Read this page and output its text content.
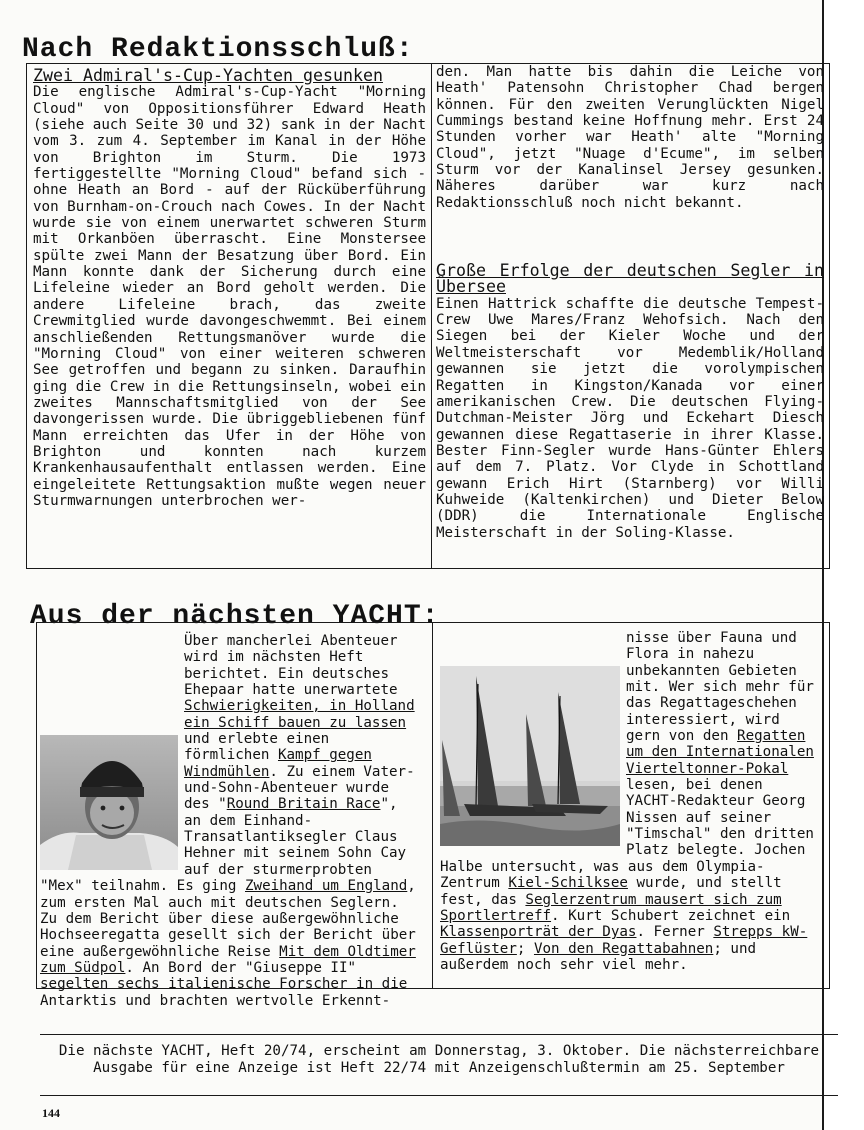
Nach Redaktionsschluß:
Zwei Admiral's-Cup-Yachten gesunken

Die englische Admiral's-Cup-Yacht "Morning Cloud" von Oppositionsführer Edward Heath (siehe auch Seite 30 und 32) sank in der Nacht vom 3. zum 4. September im Kanal in der Höhe von Brighton im Sturm. Die 1973 fertiggestellte "Morning Cloud" befand sich - ohne Heath an Bord - auf der Rücküberführung von Burnham-on-Crouch nach Cowes. In der Nacht wurde sie von einem unerwartet schweren Sturm mit Orkanböen überrascht. Eine Monstersee spülte zwei Mann der Besatzung über Bord. Ein Mann konnte dank der Sicherung durch eine Lifeleine wieder an Bord geholt werden. Die andere Lifeleine brach, das zweite Crewmitglied wurde davongeschwemmt. Bei einem anschließenden Rettungsmanöver wurde die "Morning Cloud" von einer weiteren schweren See getroffen und begann zu sinken. Daraufhin ging die Crew in die Rettungsinseln, wobei ein zweites Mannschaftsmitglied von der See davongerissen wurde. Die übriggebliebenen fünf Mann erreichten das Ufer in der Höhe von Brighton und konnten nach kurzem Krankenhausaufenthalt entlassen werden. Eine eingeleitete Rettungsaktion mußte wegen neuer Sturmwarnungen unterbrochen wer-

den. Man hatte bis dahin die Leiche von Heath' Patensohn Christopher Chad bergen können. Für den zweiten Verunglückten Nigel Cummings bestand keine Hoffnung mehr. Erst 24 Stunden vorher war Heath' alte "Morning Cloud", jetzt "Nuage d'Ecume", im selben Sturm vor der Kanalinsel Jersey gesunken. Näheres darüber war kurz nach Redaktionsschluß noch nicht bekannt.

Große Erfolge der deutschen Segler in Übersee

Einen Hattrick schaffte die deutsche Tempest-Crew Uwe Mares/Franz Wehofsich. Nach den Siegen bei der Kieler Woche und der Weltmeisterschaft vor Medemblik/Holland gewannen sie jetzt die vorolympischen Regatten in Kingston/Kanada vor einer amerikanischen Crew. Die deutschen Flying-Dutchman-Meister Jörg und Eckehart Diesch gewannen diese Regattaserie in ihrer Klasse. Bester Finn-Segler wurde Hans-Günter Ehlers auf dem 7. Platz. Vor Clyde in Schottland gewann Erich Hirt (Starnberg) vor Willi Kuhweide (Kaltenkirchen) und Dieter Below (DDR) die Internationale Englische Meisterschaft in der Soling-Klasse.

Aus der nächsten YACHT:

Über mancherlei Abenteuer wird im nächsten Heft berichtet. Ein deutsches Ehepaar hatte unerwartete Schwierigkeiten, in Holland ein Schiff bauen zu lassen und erlebte einen förmlichen Kampf gegen Windmühlen. Zu einem Vater-und-Sohn-Abenteuer wurde des "Round Britain Race", an dem Einhand-Transatlantiksegler Claus Hehner mit seinem Sohn Cay auf der sturmerprobten "Mex" teilnahm. Es ging Zweihand um England, zum ersten Mal auch mit deutschen Seglern. Zu dem Bericht über diese außergewöhnliche Hochseeregatta gesellt sich der Bericht über eine außergewöhnliche Reise Mit dem Oldtimer zum Südpol. An Bord der "Giuseppe II" segelten sechs italienische Forscher in die Antarktis und brachten wertvolle Erkennt-

nisse über Fauna und Flora in nahezu unbekannten Gebieten mit. Wer sich mehr für das Regattageschehen interessiert, wird gern von den Regatten um den Internationalen Vierteltonner-Pokal lesen, bei denen YACHT-Redakteur Georg Nissen auf seiner "Timschal" den dritten Platz belegte. Jochen Halbe untersucht, was aus dem Olympia-Zentrum Kiel-Schilksee wurde, und stellt fest, das Seglerzentrum mausert sich zum Sportlertreff. Kurt Schubert zeichnet ein Klassenporträt der Dyas. Ferner Strepps kW-Geflüster; Von den Regattabahnen; und außerdem noch sehr viel mehr.

Die nächste YACHT, Heft 20/74, erscheint am Donnerstag, 3. Oktober. Die nächsterreichbare Ausgabe für eine Anzeige ist Heft 22/74 mit Anzeigenschlußtermin am 25. September
144
